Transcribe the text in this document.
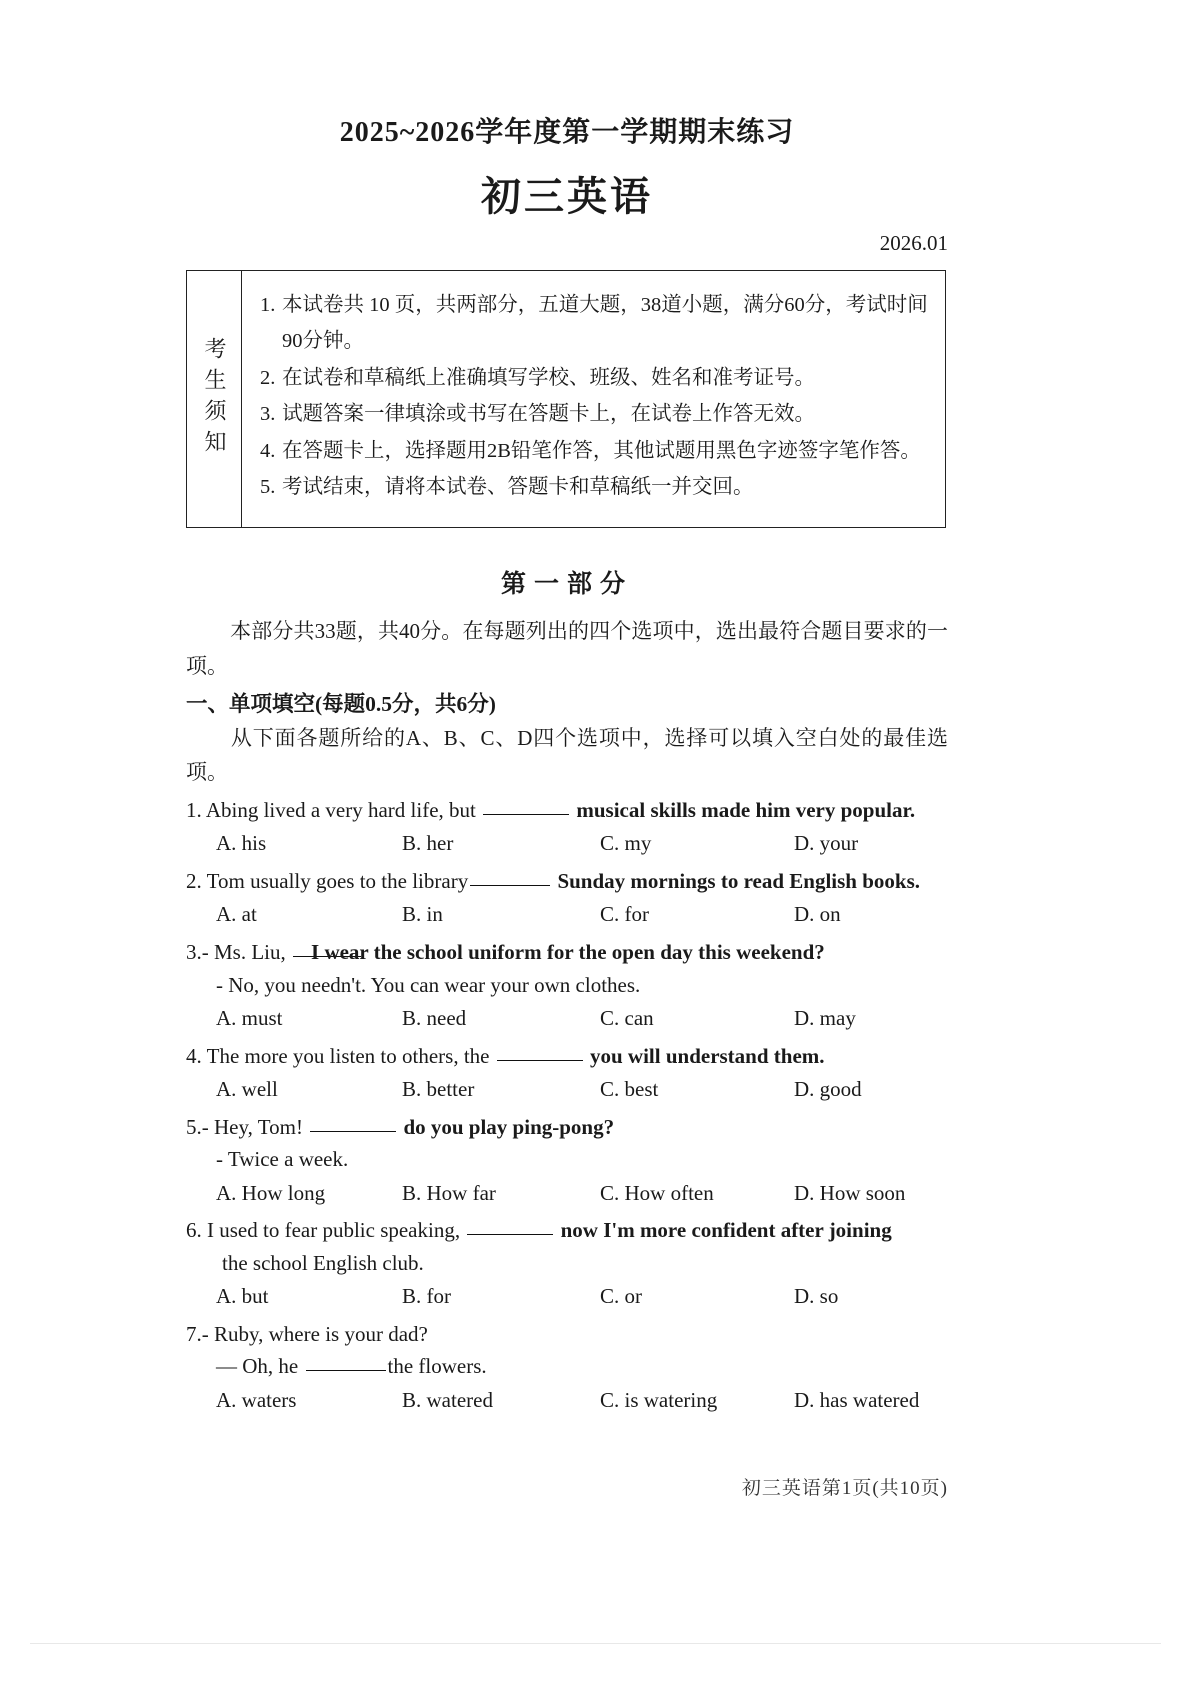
2025~2026学年度第一学期期末练习
初三英语
2026.01
考生须知
1. 本试卷共 10 页，共两部分，五道大题，38道小题，满分60分，考试时间90分钟。
2. 在试卷和草稿纸上准确填写学校、班级、姓名和准考证号。
3. 试题答案一律填涂或书写在答题卡上，在试卷上作答无效。
4. 在答题卡上，选择题用2B铅笔作答，其他试题用黑色字迹签字笔作答。
5. 考试结束，请将本试卷、答题卡和草稿纸一并交回。
第一部分
本部分共33题，共40分。在每题列出的四个选项中，选出最符合题目要求的一项。
一、单项填空(每题0.5分，共6分)
从下面各题所给的A、B、C、D四个选项中，选择可以填入空白处的最佳选项。
1. Abing lived a very hard life, but	musical skills made him very popular.
A. his	B. her	C. my	D. your
2. Tom usually goes to the library	Sunday mornings to read English books.
A. at	B. in	C. for	D. on
3.- Ms. Liu, I wear the school uniform for the open day this weekend?
- No, you needn't. You can wear your own clothes.
A. must	B. need	C. can	D. may
4. The more you listen to others, the	you will understand them.
A. well	B. better	C. best	D. good
5.- Hey, Tom!	do you play ping-pong?
- Twice a week.
A. How long	B. How far	C. How often	D. How soon
6. I used to fear public speaking,	now I'm more confident after joining
the school English club.
A. but	B. for	C. or	D. so
7.- Ruby, where is your dad?
— Oh, he	the flowers.
A. waters	B. watered	C. is watering	D. has watered
初三英语第1页(共10页)
